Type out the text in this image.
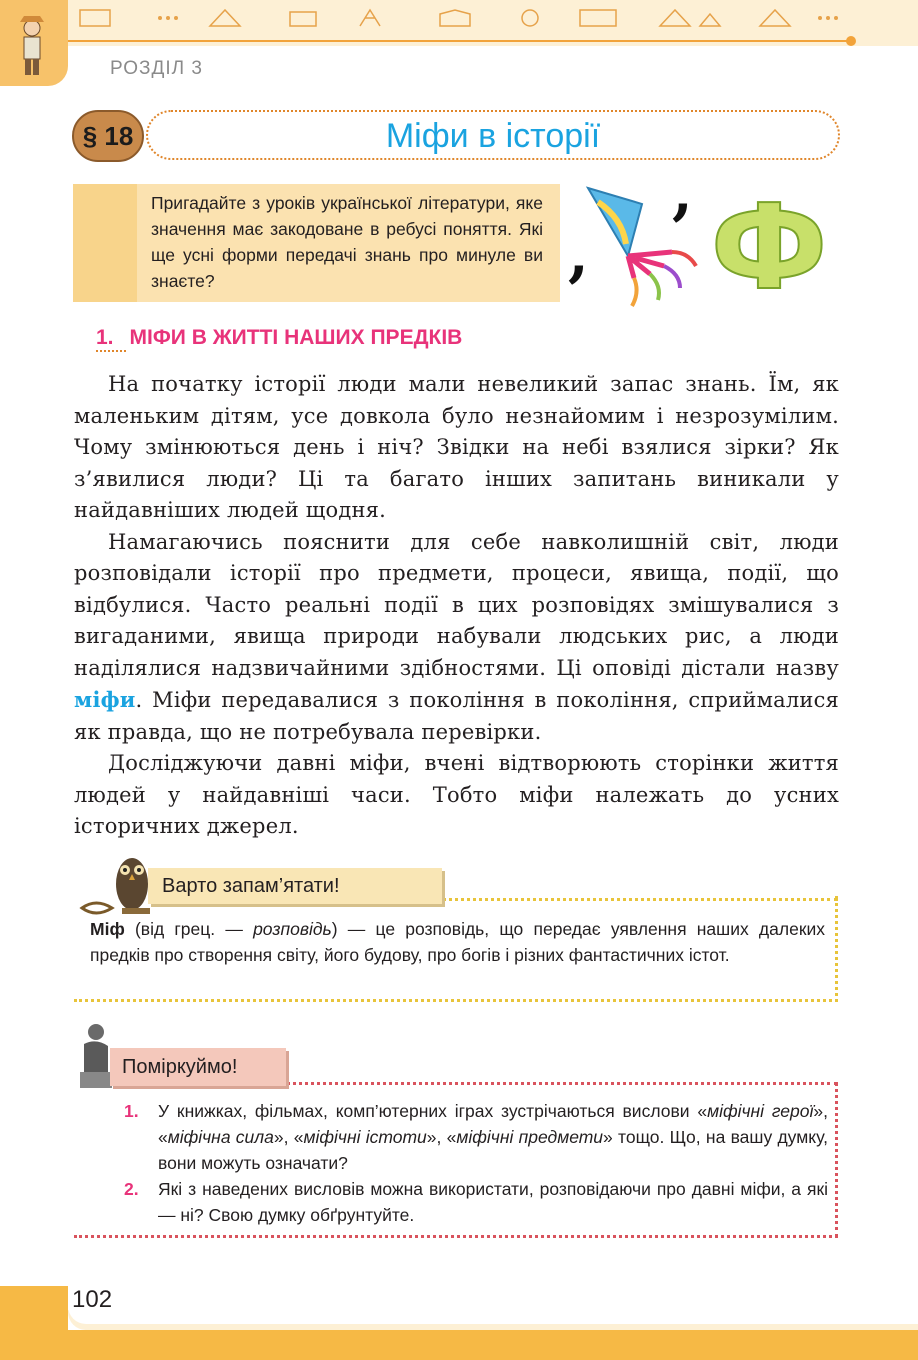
РОЗДІЛ 3
§ 18	Міфи в історії

Пригадайте з уроків української літератури, яке значення має закодоване в ребусі поняття. Які ще усні форми передачі знань про минуле ви знаєте?	,
, Ф
1. МІФИ В ЖИТТІ НАШИХ ПРЕДКІВ

На початку історії люди мали невеликий запас знань. Їм, як маленьким дітям, усе довкола було незнайомим і незрозумілим. Чому змінюються день і ніч? Звідки на небі взялися зірки? Як з’явилися люди? Ці та багато інших запитань виникали у найдавніших людей щодня.

Намагаючись пояснити для себе навколишній світ, люди розповідали історії про предмети, процеси, явища, події, що відбулися. Часто реальні події в цих розповідях змішувалися з вигаданими, явища природи набували людських рис, а люди наділялися надзвичайними здібностями. Ці оповіді дістали назву міфи. Міфи передавалися з покоління в покоління, сприймалися як правда, що не потребувала перевірки.

Досліджуючи давні міфи, вчені відтворюють сторінки життя людей у найдавніші часи. Тобто міфи належать до усних історичних джерел.

Варто запам’ятати!

Міф (від грец. — розповідь) — це розповідь, що передає уявлення наших далеких предків про створення світу, його будову, про богів і різних фантастичних істот.

Поміркуймо!
1. У книжках, фільмах, комп’ютерних іграх зустрічаються вислови «міфічні герої», «міфічна сила», «міфічні істоти», «міфічні предмети» тощо. Що, на вашу думку, вони можуть означати?
2. Які з наведених висловів можна використати, розповідаючи про давні міфи, а які — ні? Свою думку обґрунтуйте.
102
